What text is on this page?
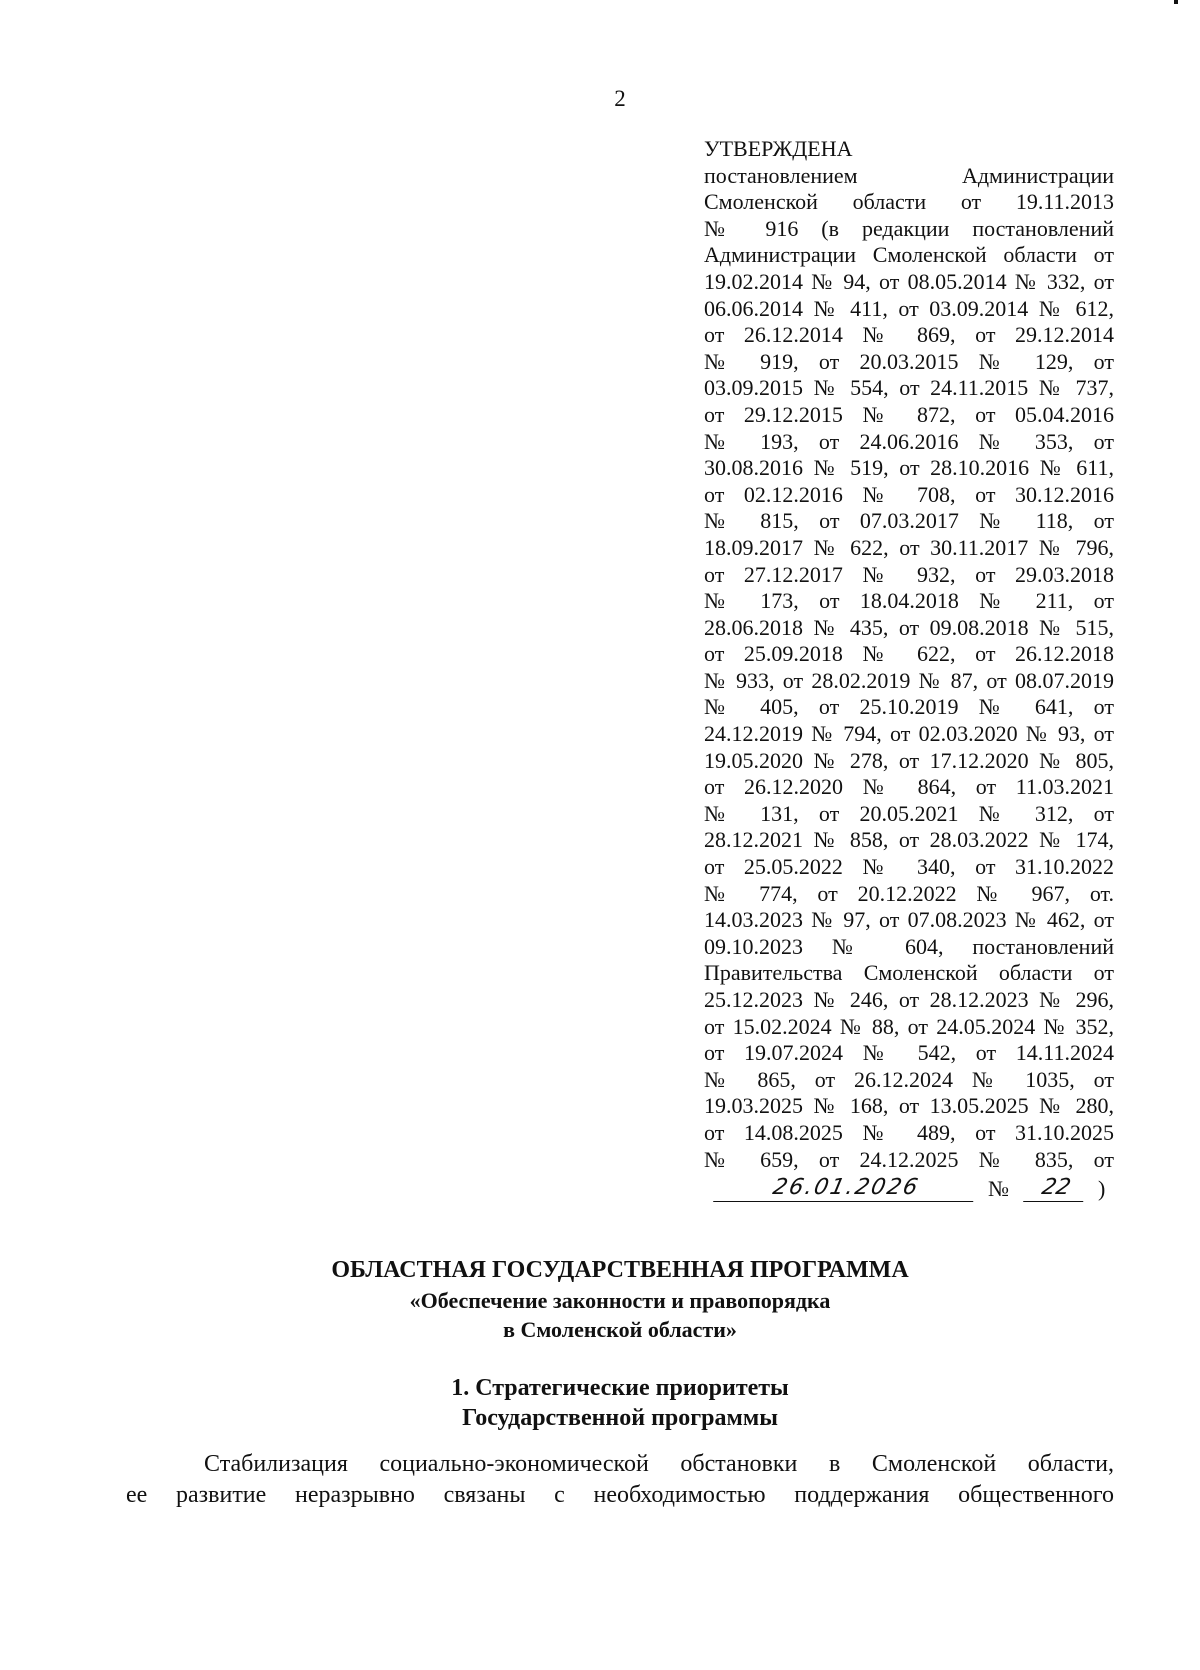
2
УТВЕРЖДЕНА
постановлением Администрации
Смоленской области от 19.11.2013
№ 916 (в редакции постановлений
Администрации Смоленской области от
19.02.2014 № 94, от 08.05.2014 № 332, от
06.06.2014 № 411, от 03.09.2014 № 612,
от 26.12.2014 № 869, от 29.12.2014
№ 919, от 20.03.2015 № 129, от
03.09.2015 № 554, от 24.11.2015 № 737,
от 29.12.2015 № 872, от 05.04.2016
№ 193, от 24.06.2016 № 353, от
30.08.2016 № 519, от 28.10.2016 № 611,
от 02.12.2016 № 708, от 30.12.2016
№ 815, от 07.03.2017 № 118, от
18.09.2017 № 622, от 30.11.2017 № 796,
от 27.12.2017 № 932, от 29.03.2018
№ 173, от 18.04.2018 № 211, от
28.06.2018 № 435, от 09.08.2018 № 515,
от 25.09.2018 № 622, от 26.12.2018
№ 933, от 28.02.2019 № 87, от 08.07.2019
№ 405, от 25.10.2019 № 641, от
24.12.2019 № 794, от 02.03.2020 № 93, от
19.05.2020 № 278, от 17.12.2020 № 805,
от 26.12.2020 № 864, от 11.03.2021
№ 131, от 20.05.2021 № 312, от
28.12.2021 № 858, от 28.03.2022 № 174,
от 25.05.2022 № 340, от 31.10.2022
№ 774, от 20.12.2022 № 967, от.
14.03.2023 № 97, от 07.08.2023 № 462, от
09.10.2023 № 604, постановлений
Правительства Смоленской области от
25.12.2023 № 246, от 28.12.2023 № 296,
от 15.02.2024 № 88, от 24.05.2024 № 352,
от 19.07.2024 № 542, от 14.11.2024
№ 865, от 26.12.2024 № 1035, от
19.03.2025 № 168, от 13.05.2025 № 280,
от 14.08.2025 № 489, от 31.10.2025
№ 659, от 24.12.2025 № 835, от
26.01.2026	№	22	)
ОБЛАСТНАЯ ГОСУДАРСТВЕННАЯ ПРОГРАММА
«Обеспечение законности и правопорядка
в Смоленской области»
1. Стратегические приоритеты
Государственной программы
Стабилизация социально-экономической обстановки в Смоленской области,
ее развитие неразрывно связаны с необходимостью поддержания общественного
